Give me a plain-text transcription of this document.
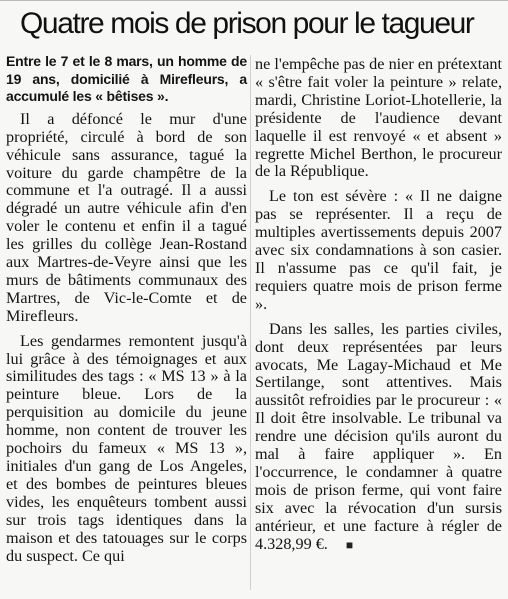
Quatre mois de prison pour le tagueur

Entre le 7 et le 8 mars, un homme de 19 ans, domicilié à Mirefleurs, a accumulé les « bêtises ».

Il a défoncé le mur d'une propriété, circulé à bord de son véhicule sans assurance, tagué la voiture du garde champêtre de la commune et l'a outragé. Il a aussi dégradé un autre véhicule afin d'en voler le contenu et enfin il a tagué les grilles du collège Jean-Rostand aux Martres-de-Veyre ainsi que les murs de bâtiments communaux des Martres, de Vic-le-Comte et de Mirefleurs.

Les gendarmes remontent jusqu'à lui grâce à des témoignages et aux similitudes des tags : « MS 13 » à la peinture bleue. Lors de la perquisition au domicile du jeune homme, non content de trouver les pochoirs du fameux « MS 13 », initiales d'un gang de Los Angeles, et des bombes de peintures bleues vides, les enquêteurs tombent aussi sur trois tags identiques dans la maison et des tatouages sur le corps du suspect. Ce qui

ne l'empêche pas de nier en prétextant « s'être fait voler la peinture » relate, mardi, Christine Loriot-Lhotellerie, la présidente de l'audience devant laquelle il est renvoyé « et absent » regrette Michel Berthon, le procureur de la République.

Le ton est sévère : « Il ne daigne pas se représenter. Il a reçu de multiples avertissements depuis 2007 avec six condamnations à son casier. Il n'assume pas ce qu'il fait, je requiers quatre mois de prison ferme ».

Dans les salles, les parties civiles, dont deux représentées par leurs avocats, Me Lagay-Michaud et Me Sertilange, sont attentives. Mais aussitôt refroidies par le procureur : « Il doit être insolvable. Le tribunal va rendre une décision qu'ils auront du mal à faire appliquer ». En l'occurrence, le condamner à quatre mois de prison ferme, qui vont faire six avec la révocation d'un sursis antérieur, et une facture à régler de 4.328,99 €. ■
